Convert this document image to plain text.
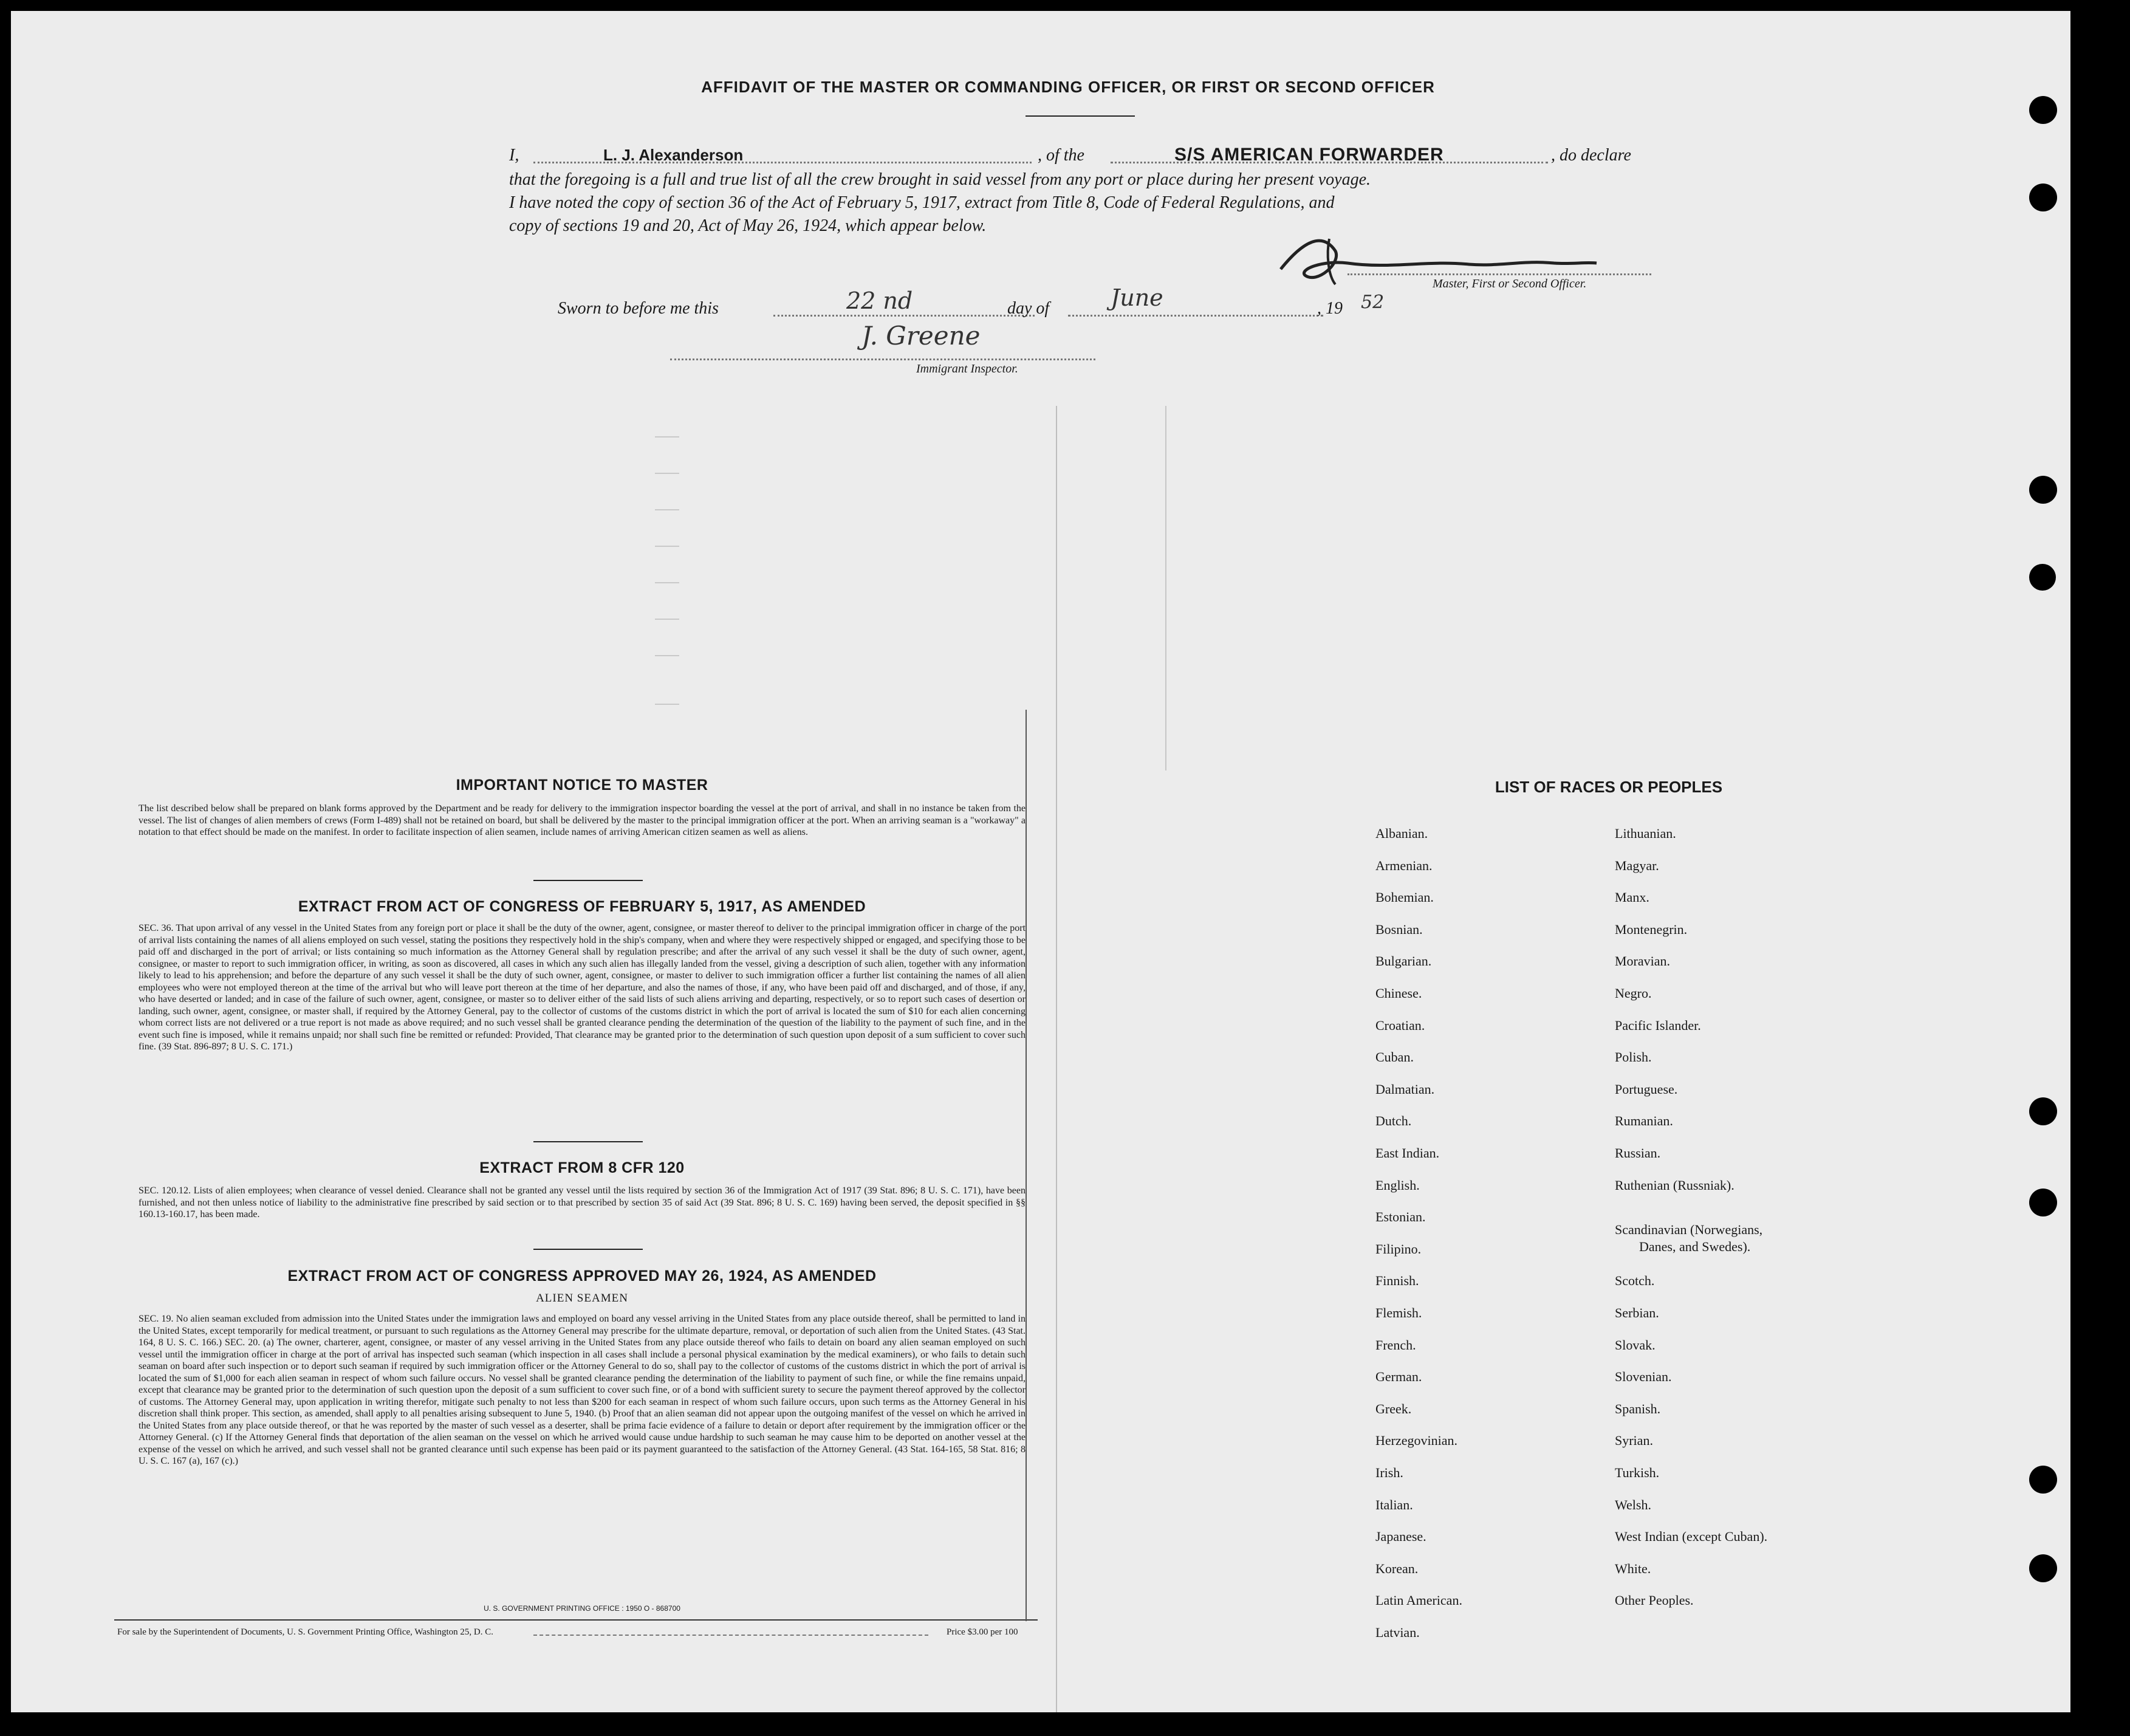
AFFIDAVIT OF THE MASTER OR COMMANDING OFFICER, OR FIRST OR SECOND OFFICER
I,	L. J. Alexanderson	, of the	S/S AMERICAN FORWARDER	, do declare
that the foregoing is a full and true list of all the crew brought in said vessel from any port or place during her present voyage.
I have noted the copy of section 36 of the Act of February 5, 1917, extract from Title 8, Code of Federal Regulations, and
copy of sections 19 and 20, Act of May 26, 1924, which appear below.
Master, First or Second Officer.
Sworn to before me this	22 nd	day of	June	, 19 52
J. Greene
Immigrant Inspector.
IMPORTANT NOTICE TO MASTER
The list described below shall be prepared on blank forms approved by the Department and be ready for delivery to the immigration inspector boarding the vessel at the port of arrival, and shall in no instance be taken from the vessel. The list of changes of alien members of crews (Form I-489) shall not be retained on board, but shall be delivered by the master to the principal immigration officer at the port. When an arriving seaman is a "workaway" a notation to that effect should be made on the manifest. In order to facilitate inspection of alien seamen, include names of arriving American citizen seamen as well as aliens.
EXTRACT FROM ACT OF CONGRESS OF FEBRUARY 5, 1917, AS AMENDED
SEC. 36. That upon arrival of any vessel in the United States from any foreign port or place it shall be the duty of the owner, agent, consignee, or master thereof to deliver to the principal immigration officer in charge of the port of arrival lists containing the names of all aliens employed on such vessel, stating the positions they respectively hold in the ship's company, when and where they were respectively shipped or engaged, and specifying those to be paid off and discharged in the port of arrival; or lists containing so much information as the Attorney General shall by regulation prescribe; and after the arrival of any such vessel it shall be the duty of such owner, agent, consignee, or master to report to such immigration officer, in writing, as soon as discovered, all cases in which any such alien has illegally landed from the vessel, giving a description of such alien, together with any information likely to lead to his apprehension; and before the departure of any such vessel it shall be the duty of such owner, agent, consignee, or master to deliver to such immigration officer a further list containing the names of all alien employees who were not employed thereon at the time of the arrival but who will leave port thereon at the time of her departure, and also the names of those, if any, who have been paid off and discharged, and of those, if any, who have deserted or landed; and in case of the failure of such owner, agent, consignee, or master so to deliver either of the said lists of such aliens arriving and departing, respectively, or so to report such cases of desertion or landing, such owner, agent, consignee, or master shall, if required by the Attorney General, pay to the collector of customs of the customs district in which the port of arrival is located the sum of $10 for each alien concerning whom correct lists are not delivered or a true report is not made as above required; and no such vessel shall be granted clearance pending the determination of the question of the liability to the payment of such fine, and in the event such fine is imposed, while it remains unpaid; nor shall such fine be remitted or refunded: Provided, That clearance may be granted prior to the determination of such question upon deposit of a sum sufficient to cover such fine. (39 Stat. 896-897; 8 U. S. C. 171.)
EXTRACT FROM 8 CFR 120
SEC. 120.12. Lists of alien employees; when clearance of vessel denied. Clearance shall not be granted any vessel until the lists required by section 36 of the Immigration Act of 1917 (39 Stat. 896; 8 U. S. C. 171), have been furnished, and not then unless notice of liability to the administrative fine prescribed by said section or to that prescribed by section 35 of said Act (39 Stat. 896; 8 U. S. C. 169) having been served, the deposit specified in §§ 160.13-160.17, has been made.
EXTRACT FROM ACT OF CONGRESS APPROVED MAY 26, 1924, AS AMENDED
ALIEN SEAMEN
SEC. 19. No alien seaman excluded from admission into the United States under the immigration laws and employed on board any vessel arriving in the United States from any place outside thereof, shall be permitted to land in the United States, except temporarily for medical treatment, or pursuant to such regulations as the Attorney General may prescribe for the ultimate departure, removal, or deportation of such alien from the United States. (43 Stat. 164, 8 U. S. C. 166.) SEC. 20. (a) The owner, charterer, agent, consignee, or master of any vessel arriving in the United States from any place outside thereof who fails to detain on board any alien seaman employed on such vessel until the immigration officer in charge at the port of arrival has inspected such seaman (which inspection in all cases shall include a personal physical examination by the medical examiners), or who fails to detain such seaman on board after such inspection or to deport such seaman if required by such immigration officer or the Attorney General to do so, shall pay to the collector of customs of the customs district in which the port of arrival is located the sum of $1,000 for each alien seaman in respect of whom such failure occurs. No vessel shall be granted clearance pending the determination of the liability to payment of such fine, or while the fine remains unpaid, except that clearance may be granted prior to the determination of such question upon the deposit of a sum sufficient to cover such fine, or of a bond with sufficient surety to secure the payment thereof approved by the collector of customs. The Attorney General may, upon application in writing therefor, mitigate such penalty to not less than $200 for each seaman in respect of whom such failure occurs, upon such terms as the Attorney General in his discretion shall think proper. This section, as amended, shall apply to all penalties arising subsequent to June 5, 1940. (b) Proof that an alien seaman did not appear upon the outgoing manifest of the vessel on which he arrived in the United States from any place outside thereof, or that he was reported by the master of such vessel as a deserter, shall be prima facie evidence of a failure to detain or deport after requirement by the immigration officer or the Attorney General. (c) If the Attorney General finds that deportation of the alien seaman on the vessel on which he arrived would cause undue hardship to such seaman he may cause him to be deported on another vessel at the expense of the vessel on which he arrived, and such vessel shall not be granted clearance until such expense has been paid or its payment guaranteed to the satisfaction of the Attorney General. (43 Stat. 164-165, 58 Stat. 816; 8 U. S. C. 167 (a), 167 (c).)
U. S. GOVERNMENT PRINTING OFFICE : 1950 O - 868700
For sale by the Superintendent of Documents, U. S. Government Printing Office, Washington 25, D. C.	Price $3.00 per 100
LIST OF RACES OR PEOPLES
Albanian.
Armenian.
Bohemian.
Bosnian.
Bulgarian.
Chinese.
Croatian.
Cuban.
Dalmatian.
Dutch.
East Indian.
English.
Estonian.
Filipino.
Finnish.
Flemish.
French.
German.
Greek.
Herzegovinian.
Irish.
Italian.
Japanese.
Korean.
Latin American.
Latvian.
Lithuanian.
Magyar.
Manx.
Montenegrin.
Moravian.
Negro.
Pacific Islander.
Polish.
Portuguese.
Rumanian.
Russian.
Ruthenian (Russniak).
Scandinavian (Norwegians,
Danes, and Swedes).
Scotch.
Serbian.
Slovak.
Slovenian.
Spanish.
Syrian.
Turkish.
Welsh.
West Indian (except Cuban).
White.
Other Peoples.
